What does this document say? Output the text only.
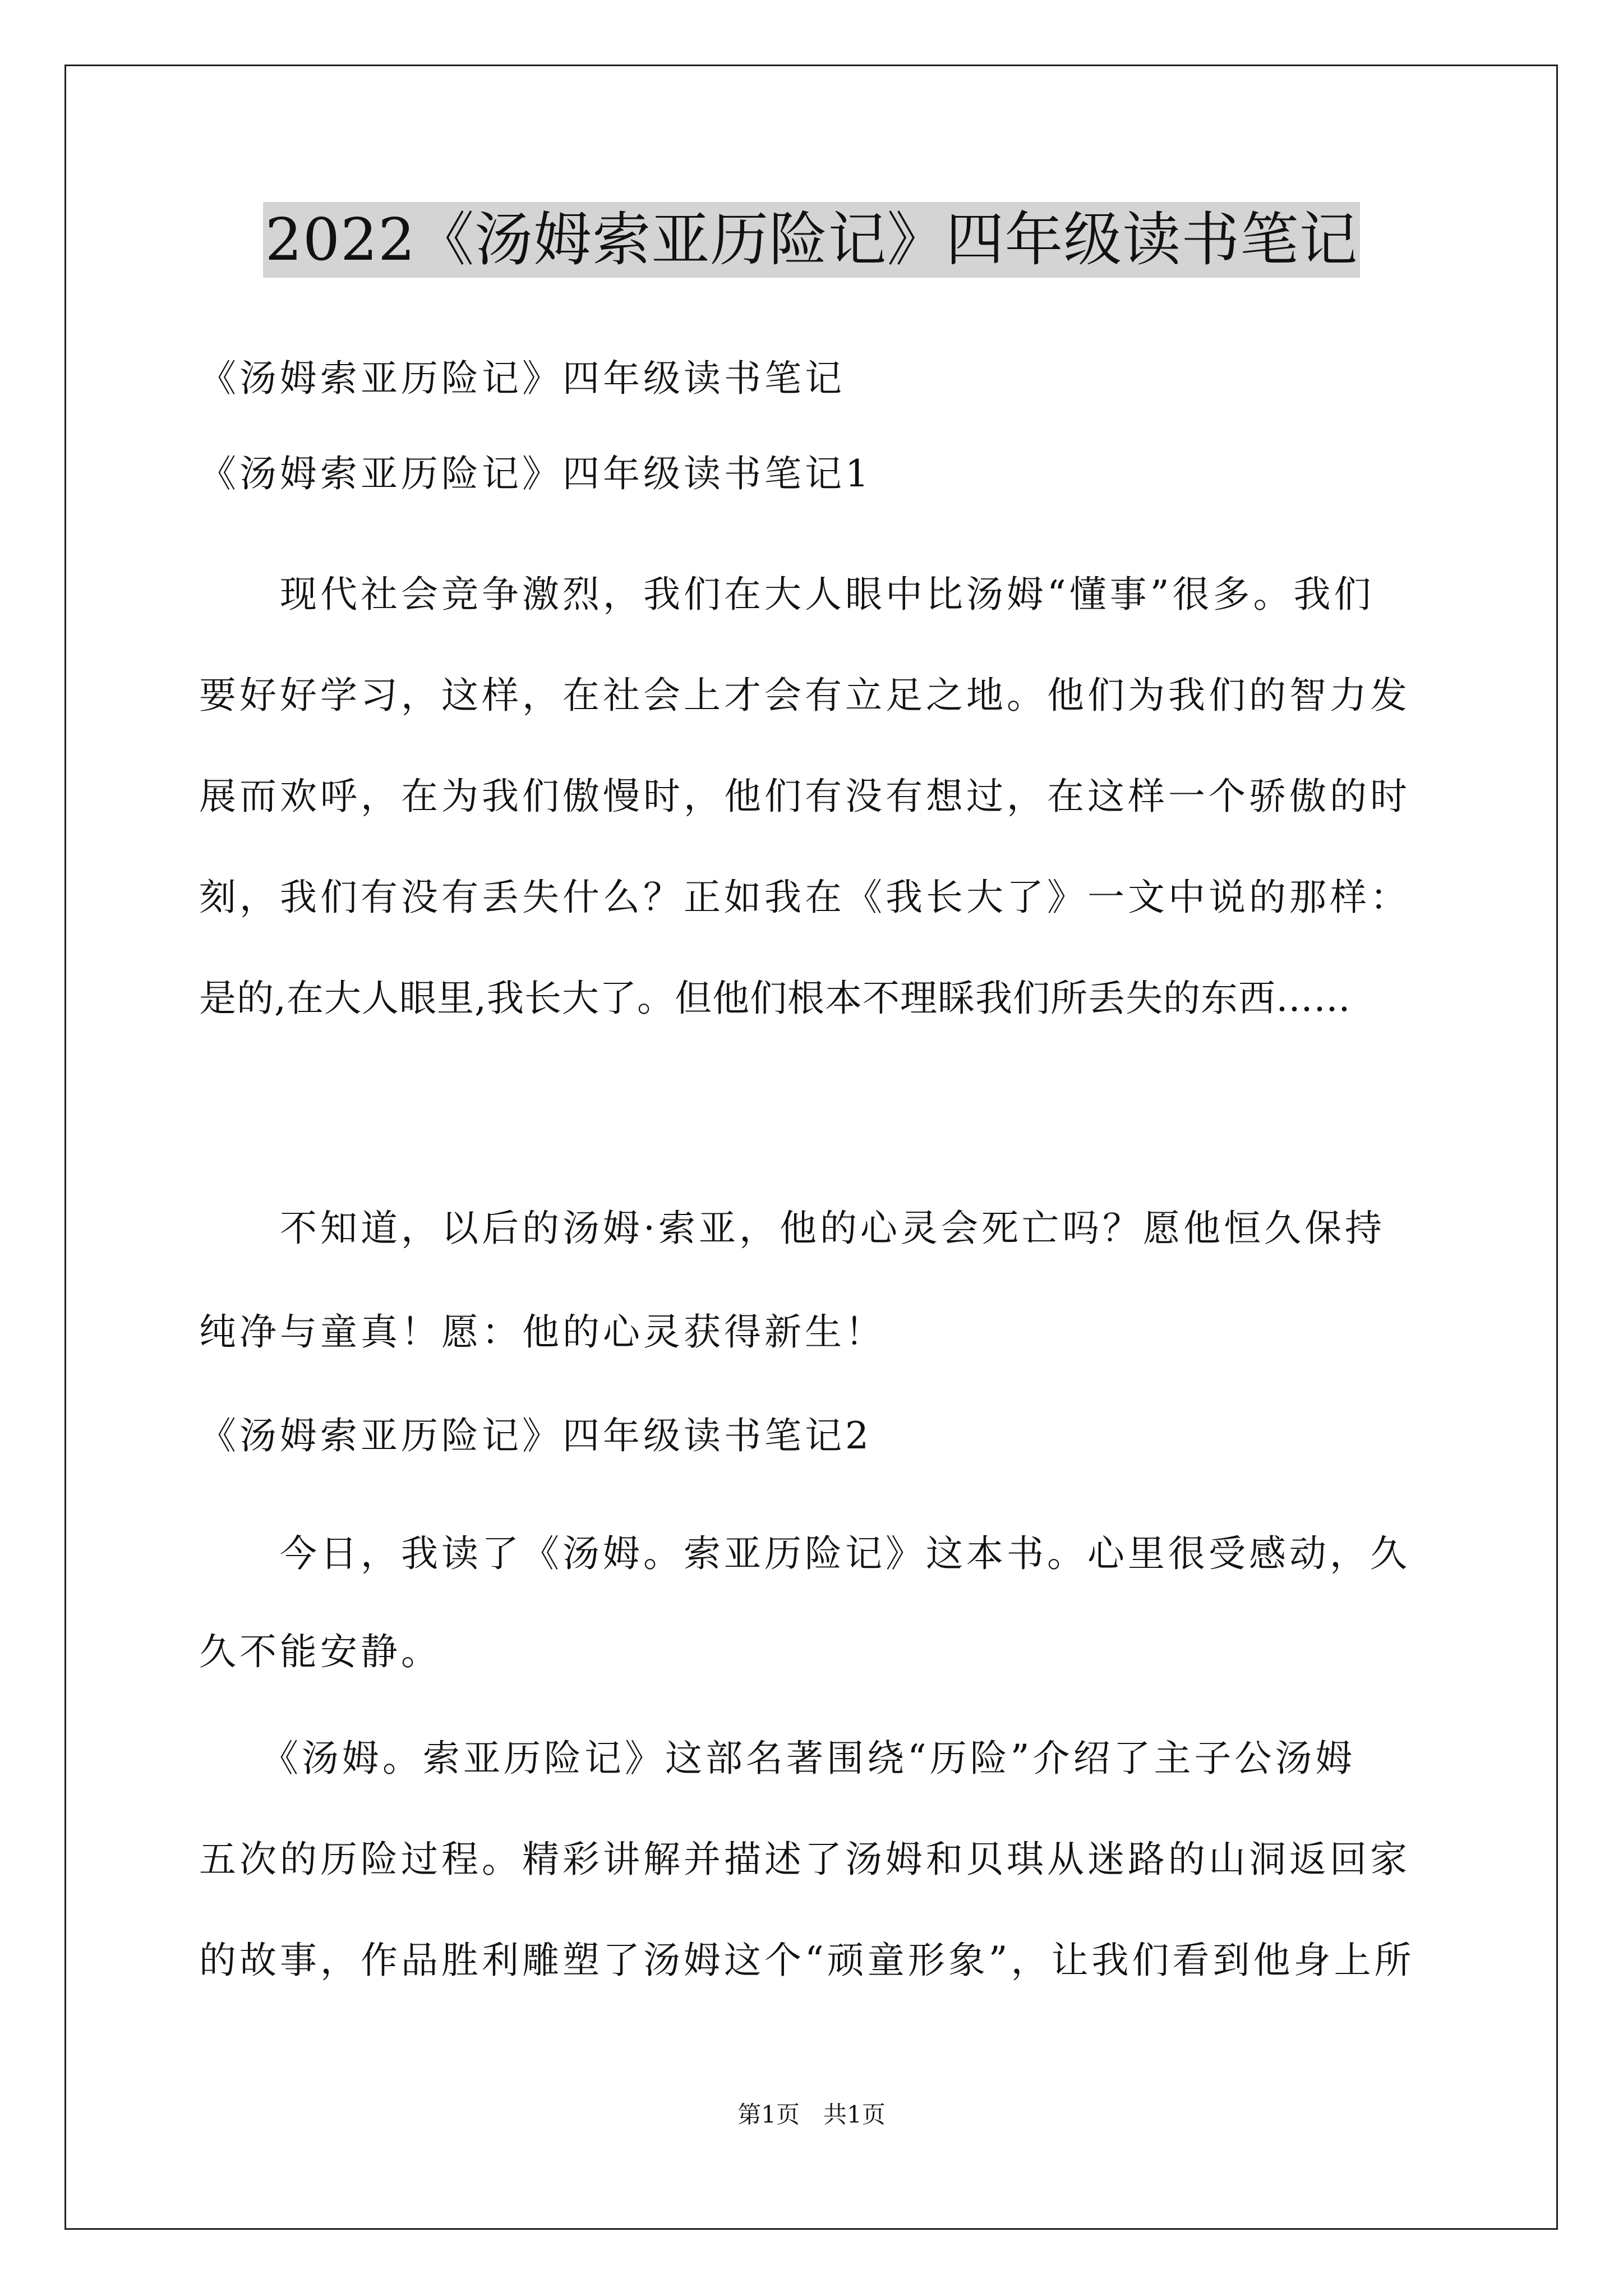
2022《汤姆索亚历险记》四年级读书笔记
《汤姆索亚历险记》四年级读书笔记
《汤姆索亚历险记》四年级读书笔记1
　　现代社会竞争激烈，我们在大人眼中比汤姆“懂事”很多。我们
要好好学习，这样，在社会上才会有立足之地。他们为我们的智力发
展而欢呼，在为我们傲慢时，他们有没有想过，在这样一个骄傲的时
刻，我们有没有丢失什么？正如我在《我长大了》一文中说的那样：
是的,在大人眼里,我长大了。但他们根本不理睬我们所丢失的东西……
　　不知道，以后的汤姆·索亚，他的心灵会死亡吗？愿他恒久保持
纯净与童真！愿：他的心灵获得新生！
《汤姆索亚历险记》四年级读书笔记2
　　今日，我读了《汤姆。索亚历险记》这本书。心里很受感动，久
久不能安静。
　　《汤姆。索亚历险记》这部名著围绕“历险”介绍了主子公汤姆
五次的历险过程。精彩讲解并描述了汤姆和贝琪从迷路的山洞返回家
的故事，作品胜利雕塑了汤姆这个“顽童形象”，让我们看到他身上所
第1页　共1页
